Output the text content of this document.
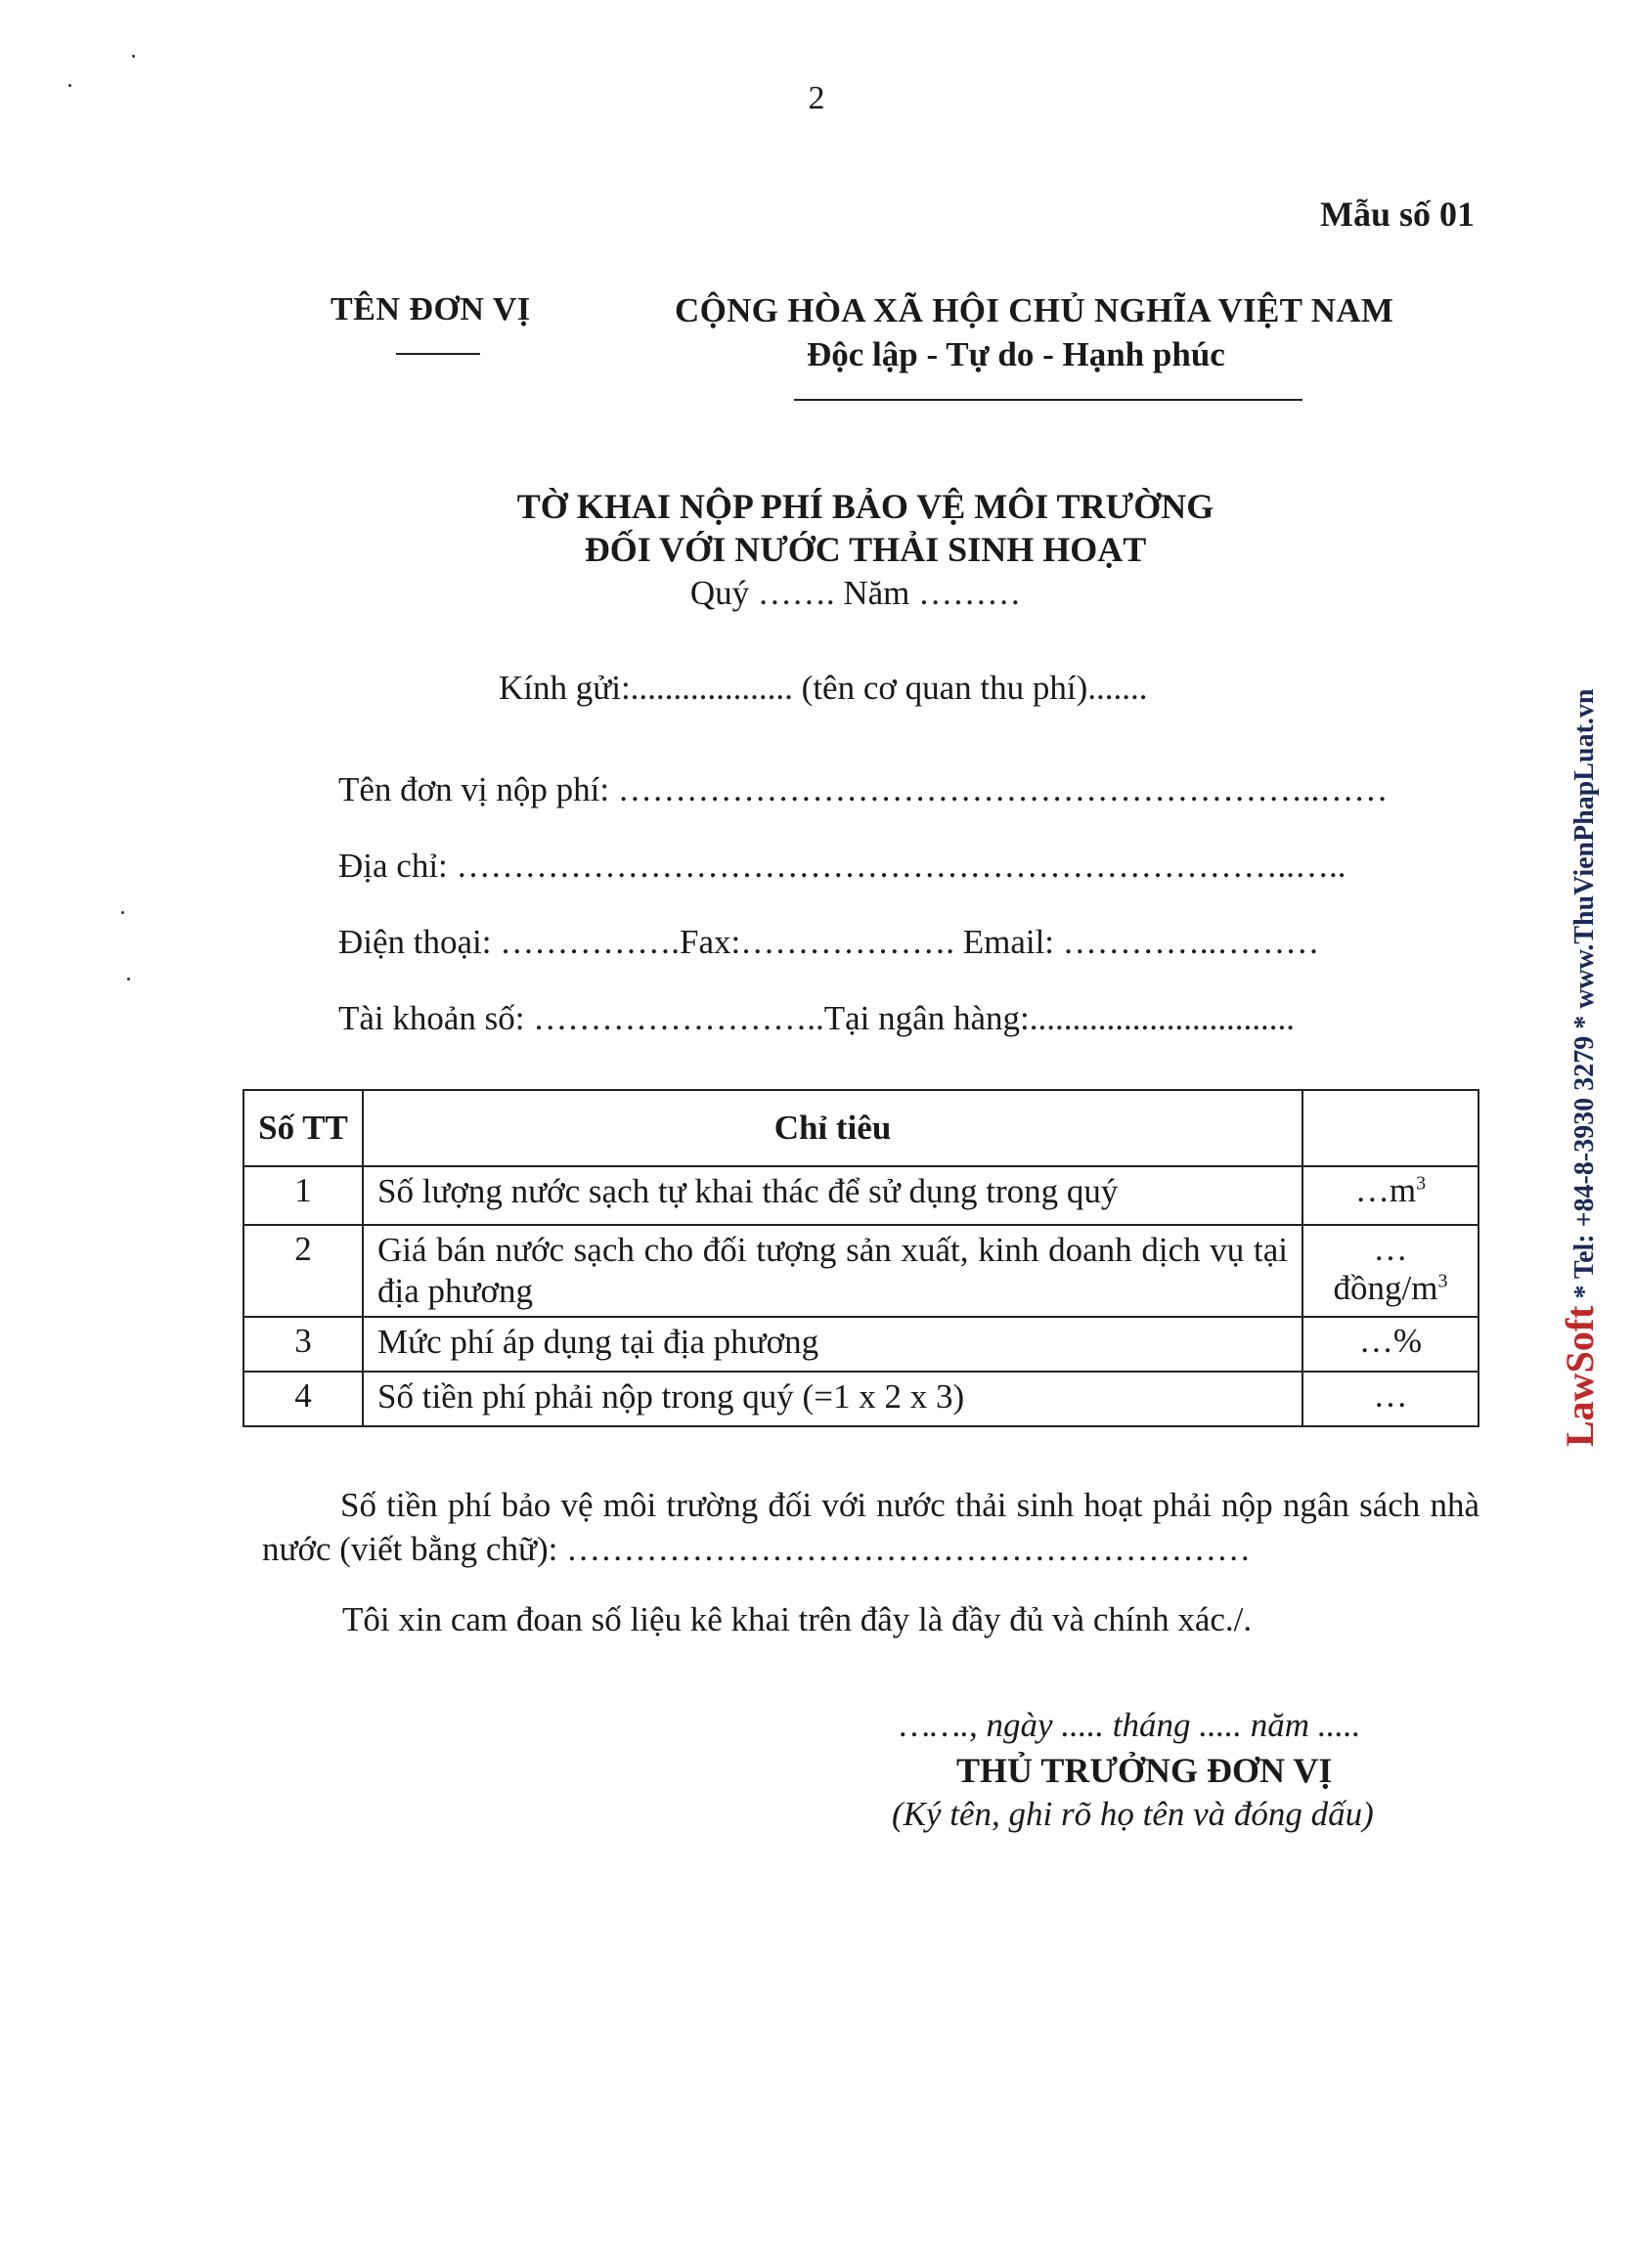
2
Mẫu số 01
TÊN ĐƠN VỊ	CỘNG HÒA XÃ HỘI CHỦ NGHĨA VIỆT NAM
Độc lập - Tự do - Hạnh phúc
TỜ KHAI NỘP PHÍ BẢO VỆ MÔI TRƯỜNG
ĐỐI VỚI NƯỚC THẢI SINH HOẠT
Quý ……. Năm ………
Kính gửi:................... (tên cơ quan thu phí).......
Tên đơn vị nộp phí: ……………………………………………………..……
Địa chỉ: ………………………………………………………………..…..
Điện thoại: …………….Fax:………………. Email: …………..………
Tài khoản số: ……………………..Tại ngân hàng:...............................
Số TT	Chỉ tiêu	
1	Số lượng nước sạch tự khai thác để sử dụng trong quý	$\dots m^3$
2	Giá bán nước sạch cho đối tượng sản xuất, kinh doanh dịch vụ tại địa phương	…
đồng/$m^3$

3	Mức phí áp dụng tại địa phương	…%
4	Số tiền phí phải nộp trong quý (=1 x 2 x 3)	…
Số tiền phí bảo vệ môi trường đối với nước thải sinh hoạt phải nộp ngân sách nhà nước (viết bằng chữ): ……………………………………………………
Tôi xin cam đoan số liệu kê khai trên đây là đầy đủ và chính xác./.
……., ngày ..... tháng ..... năm .....
THỦ TRƯỞNG ĐƠN VỊ
(Ký tên, ghi rõ họ tên và đóng dấu)
LawSoft * Tel: +84-8-3930 3279 * www.ThuVienPhapLuat.vn
